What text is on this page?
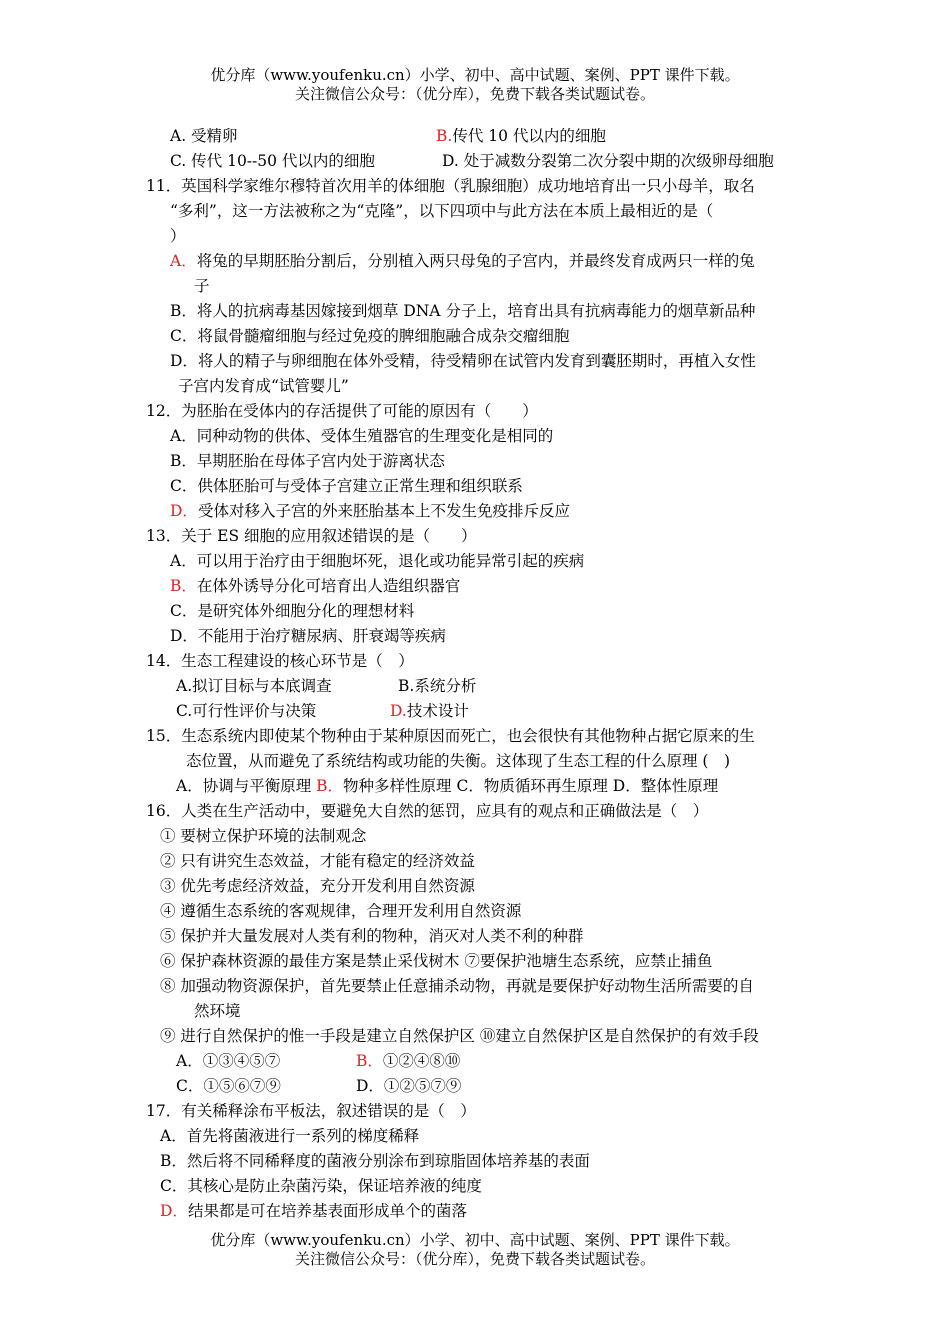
优分库（www.youfenku.cn）小学、初中、高中试题、案例、PPT 课件下载。
关注微信公众号：（优分库），免费下载各类试题试卷。
A. 受精卵	B.传代 10 代以内的细胞
C. 传代 10--50 代以内的细胞	D. 处于减数分裂第二次分裂中期的次级卵母细胞
11．英国科学家维尔穆特首次用羊的体细胞（乳腺细胞）成功地培育出一只小母羊，取名
“多利”，这一方法被称之为“克隆”，以下四项中与此方法在本质上最相近的是（
）
A．将兔的早期胚胎分割后，分别植入两只母兔的子宫内，并最终发育成两只一样的兔
子
B．将人的抗病毒基因嫁接到烟草 DNA 分子上，培育出具有抗病毒能力的烟草新品种
C．将鼠骨髓瘤细胞与经过免疫的脾细胞融合成杂交瘤细胞
D．将人的精子与卵细胞在体外受精，待受精卵在试管内发育到囊胚期时，再植入女性
子宫内发育成“试管婴儿”
12．为胚胎在受体内的存活提供了可能的原因有（　　）
A．同种动物的供体、受体生殖器官的生理变化是相同的
B．早期胚胎在母体子宫内处于游离状态
C．供体胚胎可与受体子宫建立正常生理和组织联系
D．受体对移入子宫的外来胚胎基本上不发生免疫排斥反应
13．关于 ES 细胞的应用叙述错误的是（　　）
A．可以用于治疗由于细胞坏死，退化或功能异常引起的疾病
B．在体外诱导分化可培育出人造组织器官
C．是研究体外细胞分化的理想材料
D．不能用于治疗糖尿病、肝衰竭等疾病
14．生态工程建设的核心环节是（　）
A.拟订目标与本底调查	B.系统分析
C.可行性评价与决策	D.技术设计
15．生态系统内即使某个物种由于某种原因而死亡，也会很快有其他物种占据它原来的生
态位置，从而避免了系统结构或功能的失衡。这体现了生态工程的什么原理 (　)
A．协调与平衡原理 B．物种多样性原理 C．物质循环再生原理 D．整体性原理
16．人类在生产活动中，要避免大自然的惩罚，应具有的观点和正确做法是（　）
① 要树立保护环境的法制观念
② 只有讲究生态效益，才能有稳定的经济效益
③ 优先考虑经济效益，充分开发利用自然资源
④ 遵循生态系统的客观规律，合理开发利用自然资源
⑤ 保护并大量发展对人类有利的物种，消灭对人类不利的种群
⑥ 保护森林资源的最佳方案是禁止采伐树木 ⑦要保护池塘生态系统，应禁止捕鱼
⑧ 加强动物资源保护，首先要禁止任意捕杀动物，再就是要保护好动物生活所需要的自
然环境
⑨ 进行自然保护的惟一手段是建立自然保护区 ⑩建立自然保护区是自然保护的有效手段
A．①③④⑤⑦	B．①②④⑧⑩
C．①⑤⑥⑦⑨	D．①②⑤⑦⑨
17．有关稀释涂布平板法，叙述错误的是（　）
A．首先将菌液进行一系列的梯度稀释
B．然后将不同稀释度的菌液分别涂布到琼脂固体培养基的表面
C．其核心是防止杂菌污染，保证培养液的纯度
D．结果都是可在培养基表面形成单个的菌落
优分库（www.youfenku.cn）小学、初中、高中试题、案例、PPT 课件下载。
关注微信公众号：（优分库），免费下载各类试题试卷。
